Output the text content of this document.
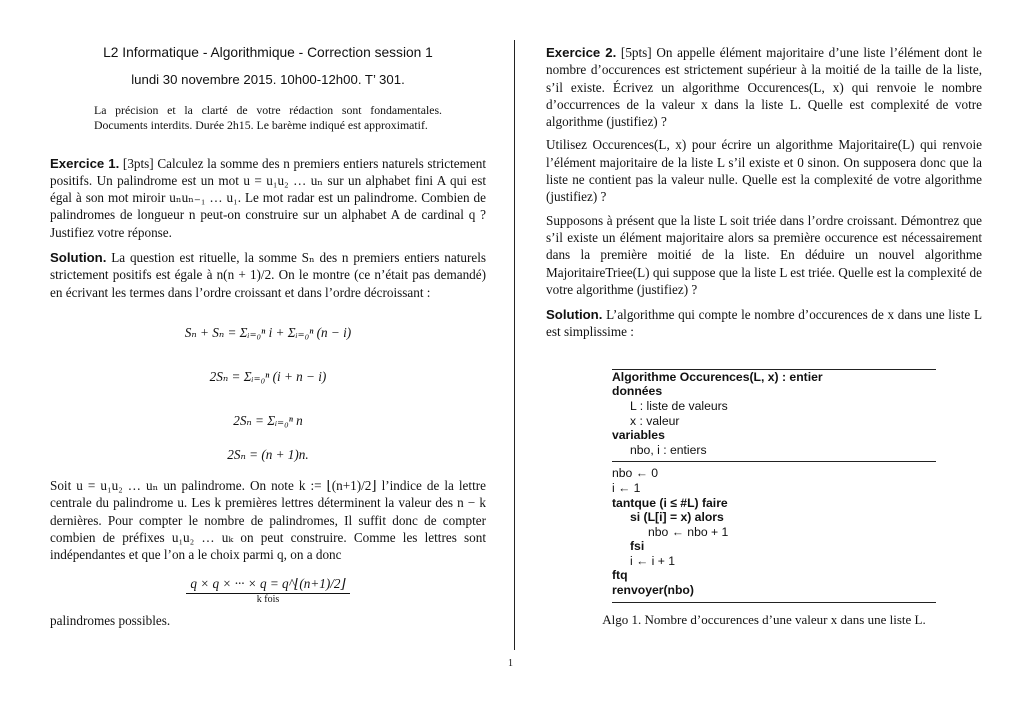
L2 Informatique - Algorithmique - Correction session 1

lundi 30 novembre 2015. 10h00-12h00. T’ 301.

La précision et la clarté de votre rédaction sont fondamentales. Documents interdits. Durée 2h15. Le barème indiqué est approximatif.

Exercice 1. [3pts] Calculez la somme des n premiers entiers naturels strictement positifs. Un palindrome est un mot u = u₁u₂ … uₙ sur un alphabet fini A qui est égal à son mot miroir uₙuₙ₋₁ … u₁. Le mot radar est un palindrome. Combien de palindromes de longueur n peut-on construire sur un alphabet A de cardinal q ? Justifiez votre réponse.

Solution. La question est rituelle, la somme Sₙ des n premiers entiers naturels strictement positifs est égale à n(n + 1)/2. On le montre (ce n’était pas demandé) en écrivant les termes dans l’ordre croissant et dans l’ordre décroissant :

Sₙ + Sₙ = Σᵢ₌₀ⁿ i + Σᵢ₌₀ⁿ (n − i)
2Sₙ = Σᵢ₌₀ⁿ (i + n − i)
2Sₙ = Σᵢ₌₀ⁿ n
2Sₙ = (n + 1)n.

Soit u = u₁u₂ … uₙ un palindrome. On note k := ⌊(n+1)/2⌋ l’indice de la lettre centrale du palindrome u. Les k premières lettres déterminent la valeur des n − k dernières. Pour compter le nombre de palindromes, Il suffit donc de compter combien de préfixes u₁u₂ … uₖ on peut construire. Comme les lettres sont indépendantes et que l’on a le choix parmi q, on a donc

q × q × ··· × q = q^⌊(n+1)/2⌋
k fois

palindromes possibles.

Exercice 2. [5pts] On appelle élément majoritaire d’une liste l’élément dont le nombre d’occurences est strictement supérieur à la moitié de la taille de la liste, s’il existe. Écrivez un algorithme Occurences(L, x) qui renvoie le nombre d’occurrences de la valeur x dans la liste L. Quelle est complexité de votre algorithme (justifiez) ?

Utilisez Occurences(L, x) pour écrire un algorithme Majoritaire(L) qui renvoie l’élément majoritaire de la liste L s’il existe et 0 sinon. On supposera donc que la liste ne contient pas la valeur nulle. Quelle est la complexité de votre algorithme (justifiez) ?

Supposons à présent que la liste L soit triée dans l’ordre croissant. Démontrez que s’il existe un élément majoritaire alors sa première occurence est nécessairement dans la première moitié de la liste. En déduire un nouvel algorithme MajoritaireTriee(L) qui suppose que la liste L est triée. Quelle est la complexité de votre algorithme (justifiez) ?

Solution. L’algorithme qui compte le nombre d’occurences de x dans une liste L est simplissime :

Algorithme Occurences(L, x) : entier
données
L : liste de valeurs
x : valeur
variables
nbo, i : entiers
nbo ← 0
i ← 1
tantque (i ≤ #L) faire
si (L[i] = x) alors
nbo ← nbo + 1
fsi
i ← i + 1
ftq
renvoyer(nbo)

Algo 1. Nombre d’occurences d’une valeur x dans une liste L.

1
